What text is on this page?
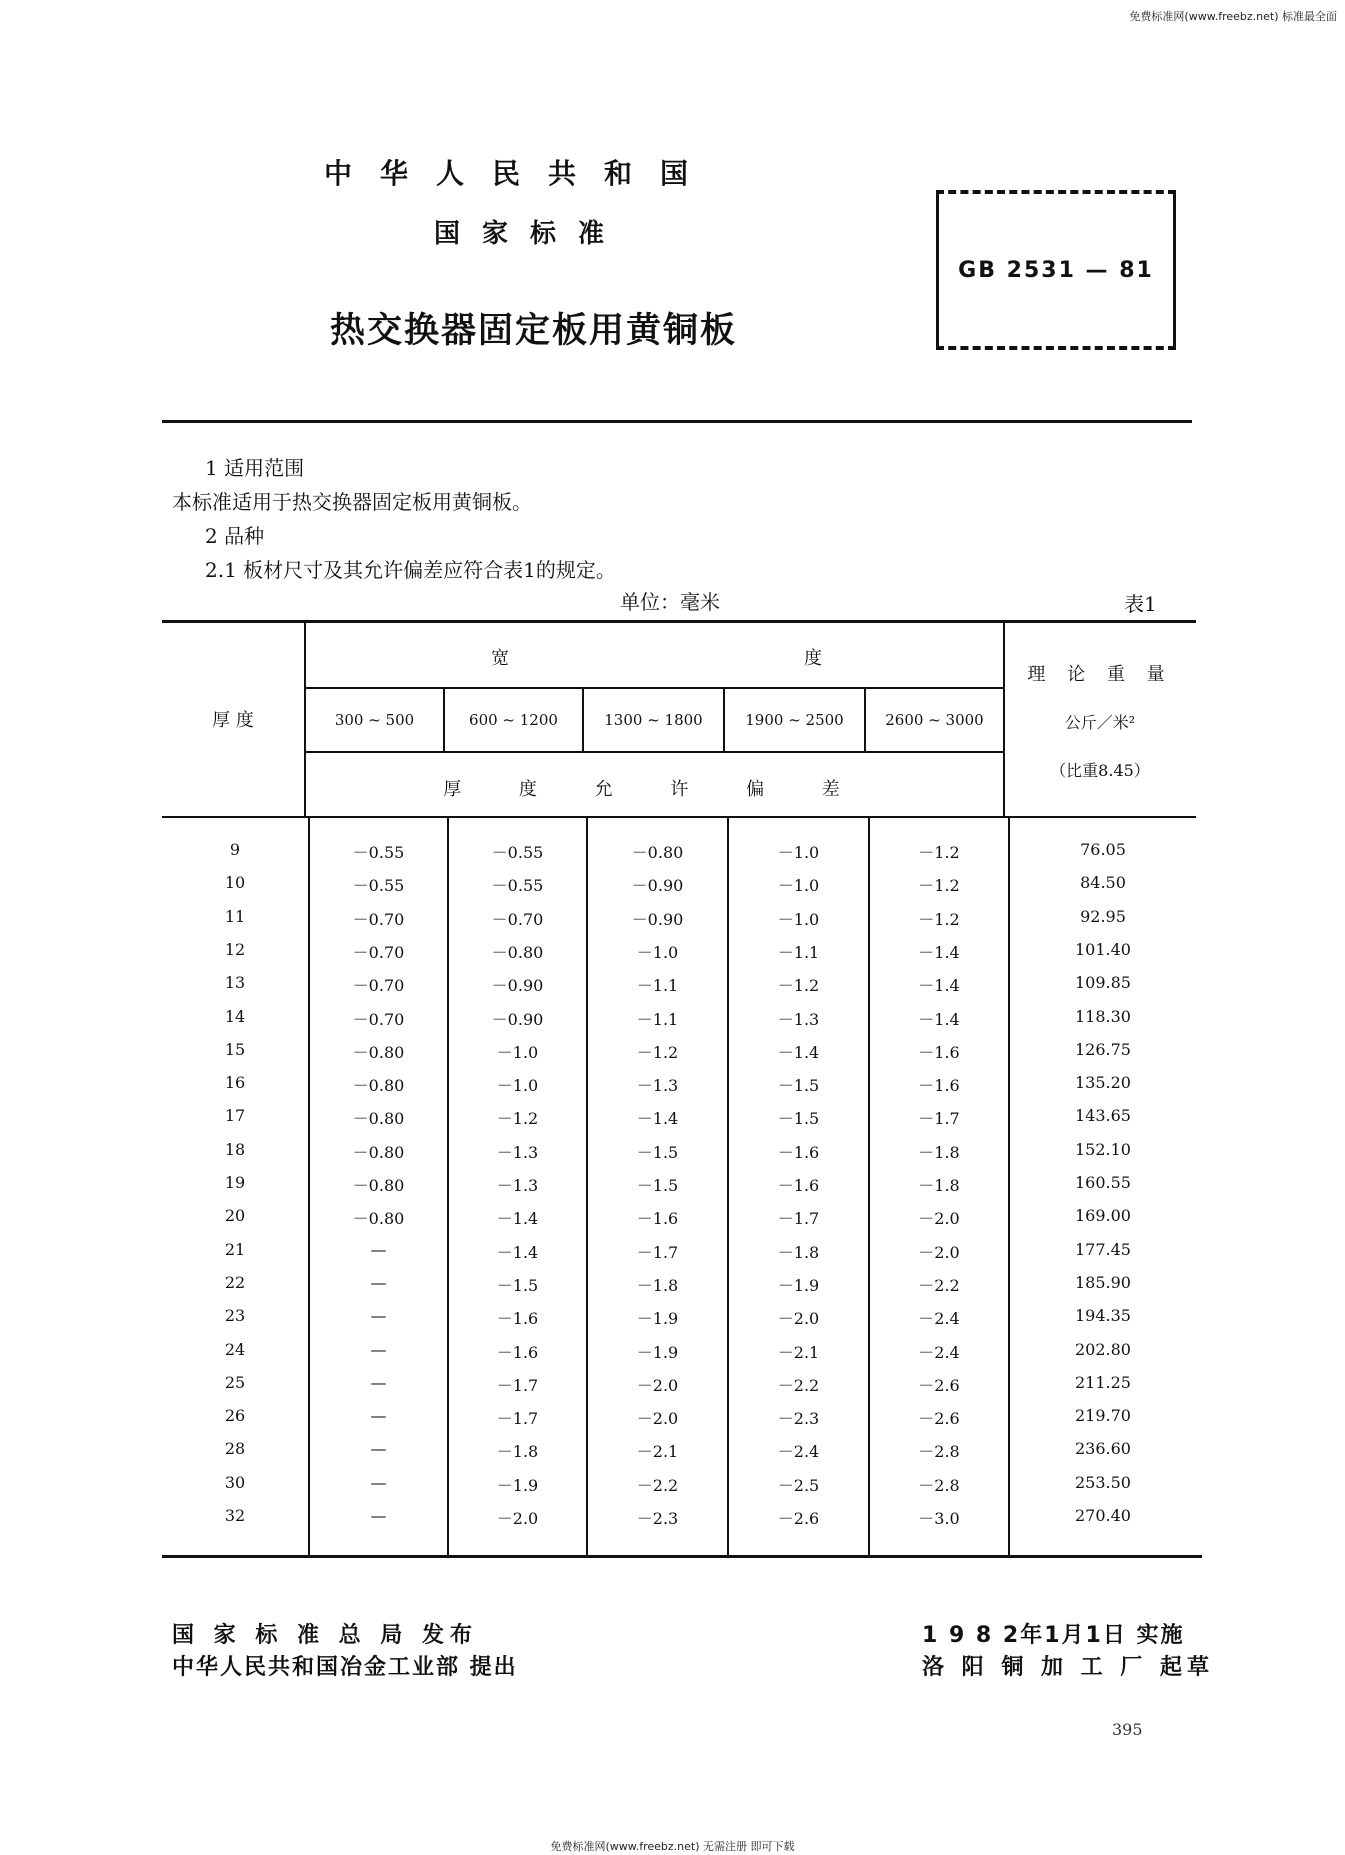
免费标准网(www.freebz.net) 标准最全面
中华人民共和国
国家标准
热交换器固定板用黄铜板
GB 2531 — 81
1 适用范围
本标准适用于热交换器固定板用黄铜板。
2 品种
2.1 板材尺寸及其允许偏差应符合表1的规定。
单位：毫米	表1
厚 度
宽	度
300 ~ 500	600 ~ 1200	1300 ~ 1800	1900 ~ 2500	2600 ~ 3000
厚 度 允 许 偏 差
理 论 重 量
公斤／米²
（比重8.45）
9	－0.55	－0.55	－0.80	－1.0	－1.2	76.05
10	－0.55	－0.55	－0.90	－1.0	－1.2	84.50
11	－0.70	－0.70	－0.90	－1.0	－1.2	92.95
12	－0.70	－0.80	－1.0	－1.1	－1.4	101.40
13	－0.70	－0.90	－1.1	－1.2	－1.4	109.85
14	－0.70	－0.90	－1.1	－1.3	－1.4	118.30
15	－0.80	－1.0	－1.2	－1.4	－1.6	126.75
16	－0.80	－1.0	－1.3	－1.5	－1.6	135.20
17	－0.80	－1.2	－1.4	－1.5	－1.7	143.65
18	－0.80	－1.3	－1.5	－1.6	－1.8	152.10
19	－0.80	－1.3	－1.5	－1.6	－1.8	160.55
20	－0.80	－1.4	－1.6	－1.7	－2.0	169.00
21	—	－1.4	－1.7	－1.8	－2.0	177.45
22	—	－1.5	－1.8	－1.9	－2.2	185.90
23	—	－1.6	－1.9	－2.0	－2.4	194.35
24	—	－1.6	－1.9	－2.1	－2.4	202.80
25	—	－1.7	－2.0	－2.2	－2.6	211.25
26	—	－1.7	－2.0	－2.3	－2.6	219.70
28	—	－1.8	－2.1	－2.4	－2.8	236.60
30	—	－1.9	－2.2	－2.5	－2.8	253.50
32	—	－2.0	－2.3	－2.6	－3.0	270.40
国 家 标 准 总 局 发布
中华人民共和国冶金工业部 提出
1 9 8 2年1月1日 实施
洛 阳 铜 加 工 厂 起草
395
免费标准网(www.freebz.net) 无需注册 即可下载
